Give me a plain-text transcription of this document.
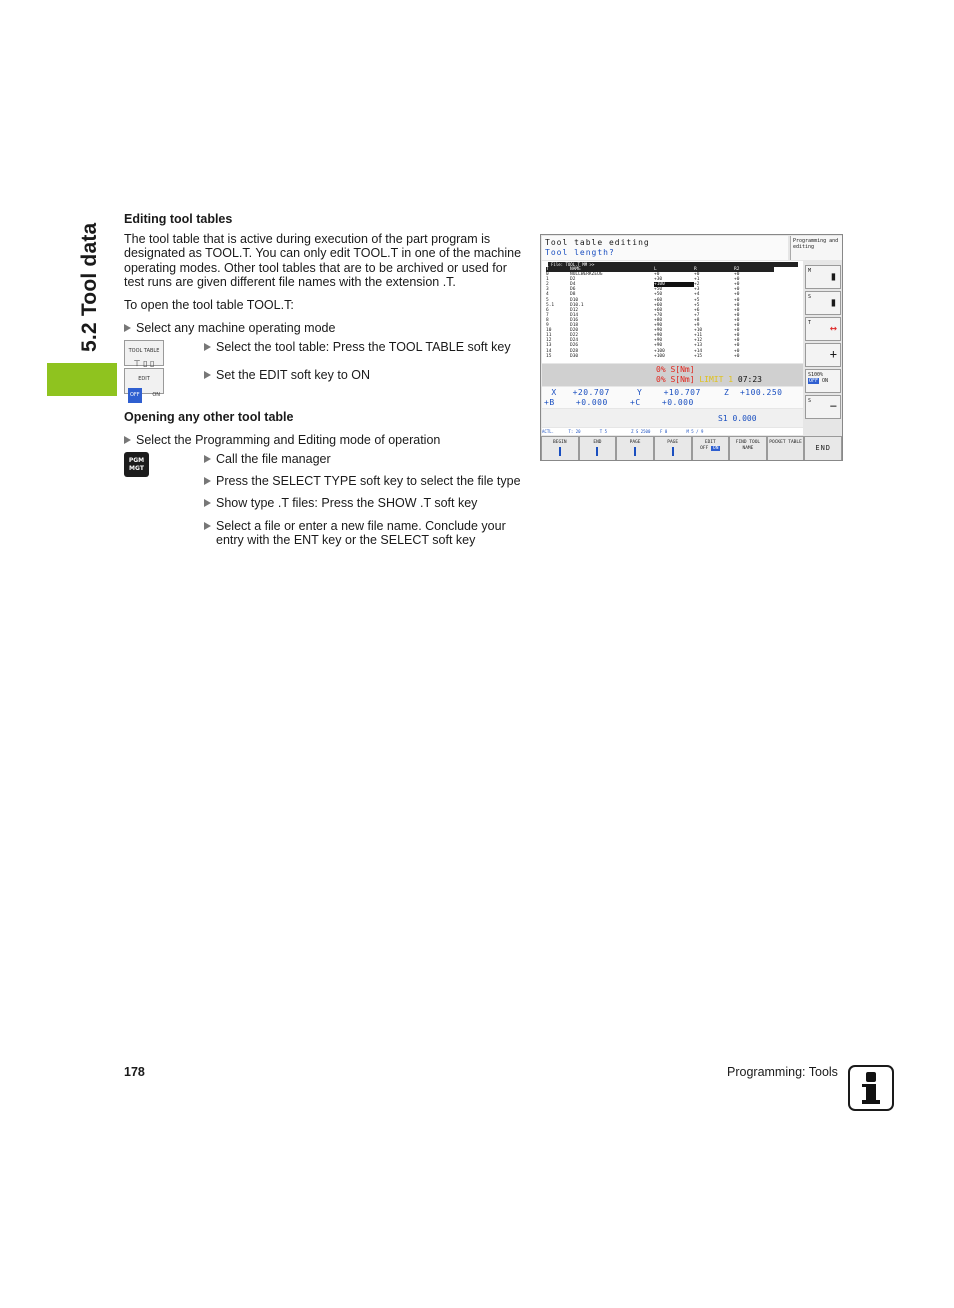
5.2 Tool data
Editing tool tables
The tool table that is active during execution of the part program is designated as TOOL.T. You can only edit TOOL.T in one of the machine operating modes. Other tool tables that are to be archived or used for test runs are given different file names with the extension .T.
To open the tool table TOOL.T:
Select any machine operating mode
TOOL TABLE
⊤ ▯ ▯
Select the tool table: Press the TOOL TABLE soft key
EDIT
OFF	ON
Set the EDIT soft key to ON
Opening any other tool table
Select the Programming and Editing mode of operation
PGM
MGT
Call the file manager
Press the SELECT TYPE soft key to select the file type
Show type .T files: Press the SHOW .T soft key
Select a file or enter a new file name. Conclude your entry with the ENT key or the SELECT soft key
Tool table editing
Tool length?
Programming and editing
File: TOOL.T MM >>
T	NAME	L	R	R2
0	NULLWERKZEUG	+0	+0	+0
1	D2	+30	+1	+0
2	D4	+100	+2	+0
3	D6	+50	+3	+0
4	D8	+50	+4	+0
5	D10	+60	+5	+0
5.1	D10.1	+60	+5	+0
6	D12	+60	+6	+0
7	D14	+70	+7	+0
8	D16	+80	+8	+0
9	D18	+90	+9	+0
10	D20	+90	+10	+0
11	D22	+90	+11	+0
12	D24	+90	+12	+0
13	D26	+90	+13	+0
14	D28	+100	+14	+0
15	D30	+100	+15	+0
0% S[Nm]
0% S[Nm] LIMIT 1 07:23
X   +20.707	Y    +10.707	Z  +100.250
+B    +0.000	+C    +0.000
S1 0.000
ACTL.      T: 20        T 5          Z S 2500    F 0        M 5 / 9
M ▮
S ▮
T ↔
+
S100%
OFF ON
S −
BEGIN	END	PAGE	PAGE	EDIT
OFF ON
FIND TOOL NAME
POCKET TABLE
END
178	Programming: Tools
